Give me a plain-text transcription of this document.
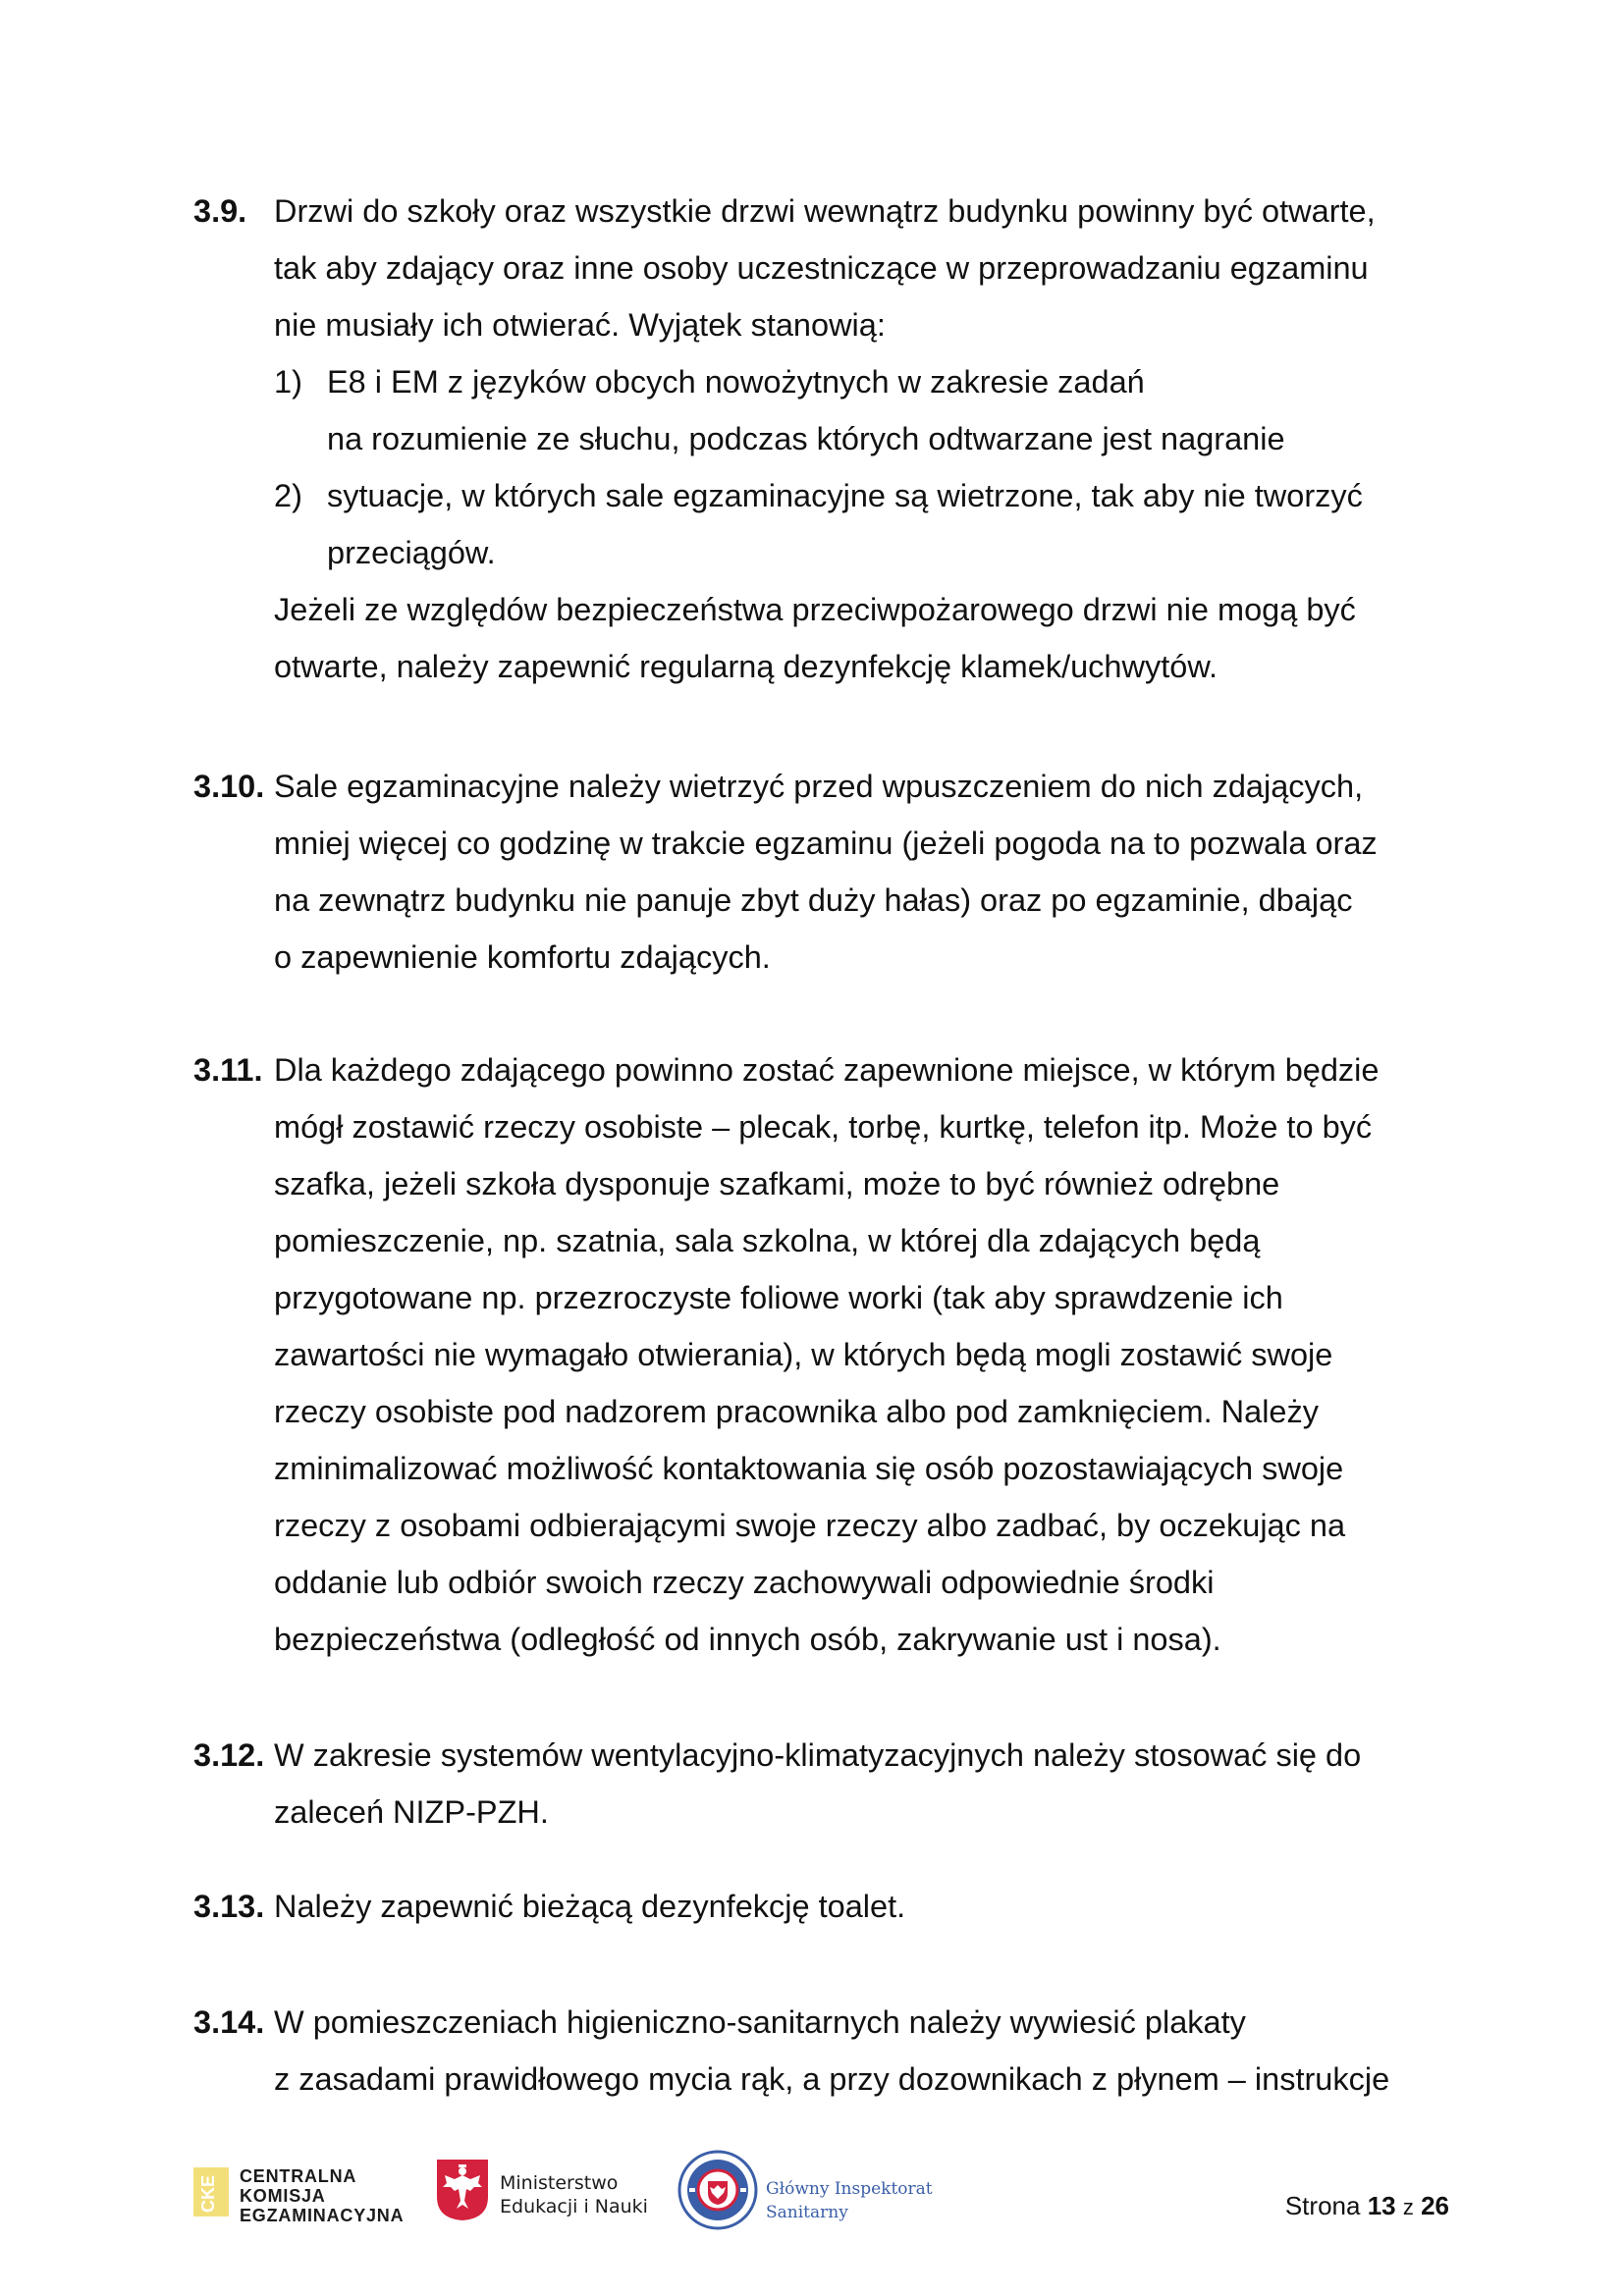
3.9. Drzwi do szkoły oraz wszystkie drzwi wewnątrz budynku powinny być otwarte,
tak aby zdający oraz inne osoby uczestniczące w przeprowadzaniu egzaminu
nie musiały ich otwierać. Wyjątek stanowią:
1) E8 i EM z języków obcych nowożytnych w zakresie zadań
na rozumienie ze słuchu, podczas których odtwarzane jest nagranie
2) sytuacje, w których sale egzaminacyjne są wietrzone, tak aby nie tworzyć
przeciągów.
Jeżeli ze względów bezpieczeństwa przeciwpożarowego drzwi nie mogą być
otwarte, należy zapewnić regularną dezynfekcję klamek/uchwytów.
3.10. Sale egzaminacyjne należy wietrzyć przed wpuszczeniem do nich zdających,
mniej więcej co godzinę w trakcie egzaminu (jeżeli pogoda na to pozwala oraz
na zewnątrz budynku nie panuje zbyt duży hałas) oraz po egzaminie, dbając
o zapewnienie komfortu zdających.
3.11. Dla każdego zdającego powinno zostać zapewnione miejsce, w którym będzie
mógł zostawić rzeczy osobiste – plecak, torbę, kurtkę, telefon itp. Może to być
szafka, jeżeli szkoła dysponuje szafkami, może to być również odrębne
pomieszczenie, np. szatnia, sala szkolna, w której dla zdających będą
przygotowane np. przezroczyste foliowe worki (tak aby sprawdzenie ich
zawartości nie wymagało otwierania), w których będą mogli zostawić swoje
rzeczy osobiste pod nadzorem pracownika albo pod zamknięciem. Należy
zminimalizować możliwość kontaktowania się osób pozostawiających swoje
rzeczy z osobami odbierającymi swoje rzeczy albo zadbać, by oczekując na
oddanie lub odbiór swoich rzeczy zachowywali odpowiednie środki
bezpieczeństwa (odległość od innych osób, zakrywanie ust i nosa).
3.12. W zakresie systemów wentylacyjno-klimatyzacyjnych należy stosować się do
zaleceń NIZP-PZH.
3.13. Należy zapewnić bieżącą dezynfekcję toalet.
3.14. W pomieszczeniach higieniczno-sanitarnych należy wywiesić plakaty
z zasadami prawidłowego mycia rąk, a przy dozownikach z płynem – instrukcje
CKE CENTRALNA
KOMISJA
EGZAMINACYJNA
Ministerstwo
Edukacji i Nauki
Główny Inspektorat
Sanitarny	Strona 13 z 26
